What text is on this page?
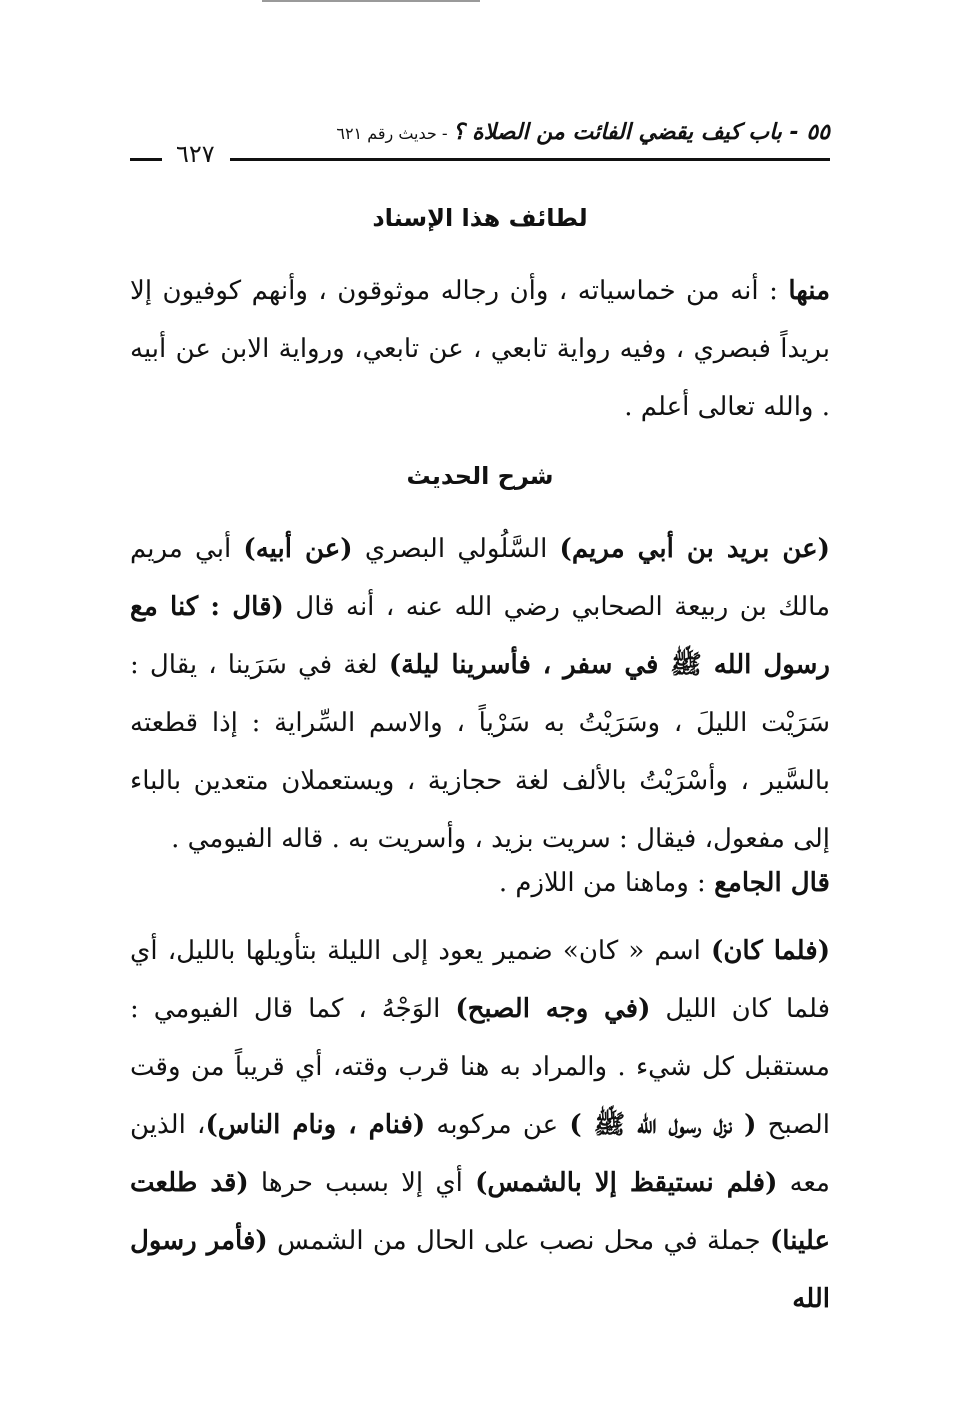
٥٥ - باب كيف يقضي الفائت من الصلاة ؟ - حديث رقم ٦٢١
٦٢٧
لطائف هذا الإسناد

منها : أنه من خماسياته ، وأن رجاله موثوقون ، وأنهم كوفيون إلا بريداً فبصري ، وفيه رواية تابعي ، عن تابعي، ورواية الابن عن أبيه . والله تعالى أعلم .

شرح الحديث

(عن بريد بن أبي مريم) السَّلُولي البصري (عن أبيه) أبي مريم مالك بن ربيعة الصحابي رضي الله عنه ، أنه قال (قال : كنا مع رسول الله ﷺ في سفر ، فأسرينا ليلة) لغة في سَرَينا ، يقال : سَرَيْت الليلَ ، وسَرَيْتُ به سَرْياً ، والاسم السِّراية : إذا قطعته بالسَّير ، وأسْرَيْتُ بالألف لغة حجازية ، ويستعملان متعدين بالباء إلى مفعول، فيقال : سريت بزيد ، وأسريت به . قاله الفيومي .

قال الجامع : وماهنا من اللازم .

(فلما كان) اسم « كان» ضمير يعود إلى الليلة بتأويلها بالليل، أي فلما كان الليل (في وجه الصبح) الوَجْهُ ، كما قال الفيومي : مستقبل كل شيء . والمراد به هنا قرب وقته، أي قريباً من وقت الصبح ( نزل رسول الله ﷺ ) عن مركوبه (فنام ، ونام الناس)، الذين معه (فلم نستيقظ إلا بالشمس) أي إلا بسبب حرها (قد طلعت علينا) جملة في محل نصب على الحال من الشمس (فأمر رسول الله
